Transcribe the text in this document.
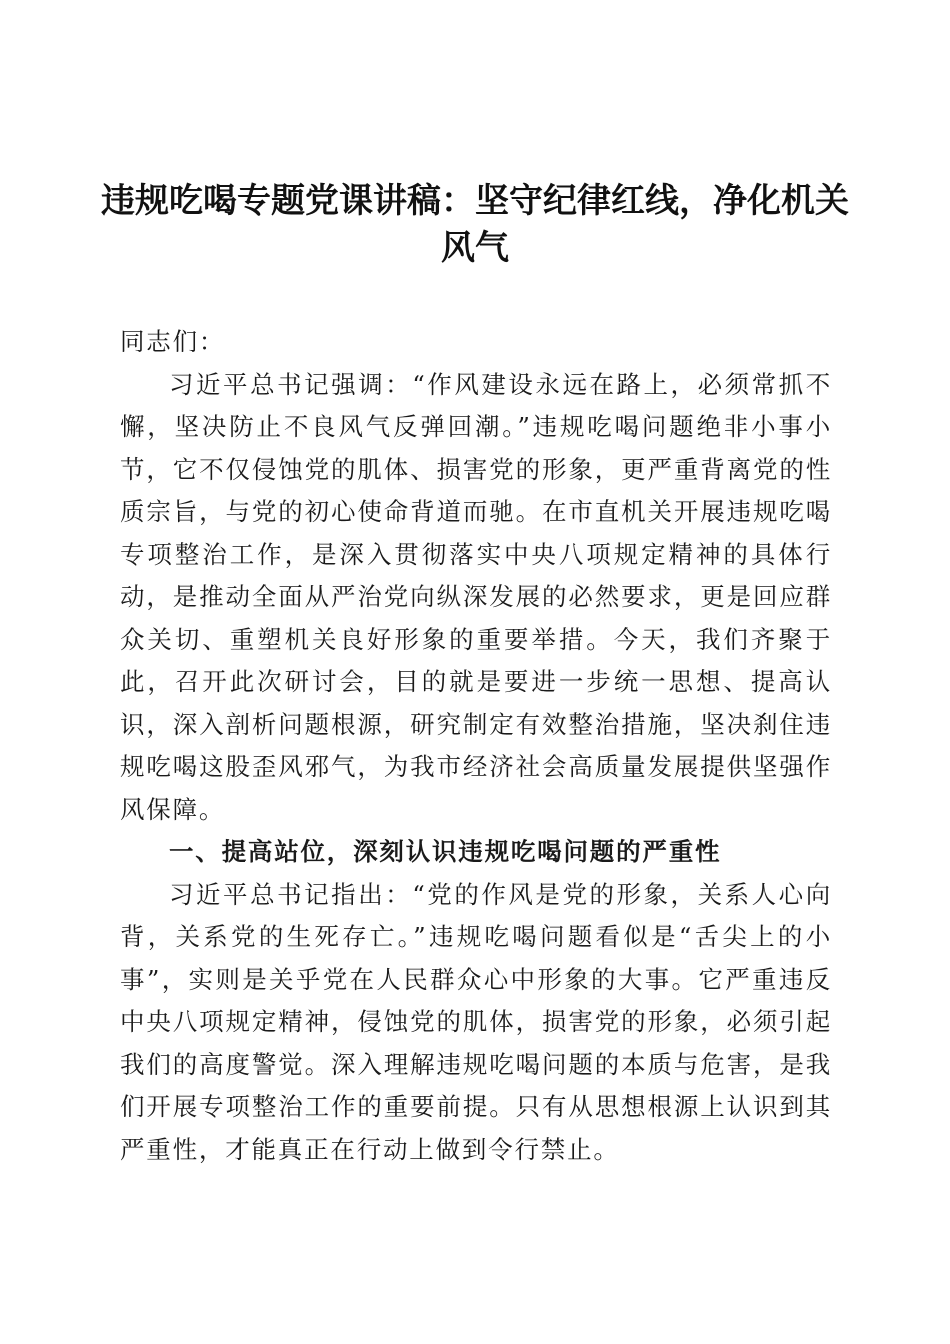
违规吃喝专题党课讲稿：坚守纪律红线，净化机关风气

同志们：

习近平总书记强调：“作风建设永远在路上，必须常抓不懈，坚决防止不良风气反弹回潮。”违规吃喝问题绝非小事小节，它不仅侵蚀党的肌体、损害党的形象，更严重背离党的性质宗旨，与党的初心使命背道而驰。在市直机关开展违规吃喝专项整治工作，是深入贯彻落实中央八项规定精神的具体行动，是推动全面从严治党向纵深发展的必然要求，更是回应群众关切、重塑机关良好形象的重要举措。今天，我们齐聚于此，召开此次研讨会，目的就是要进一步统一思想、提高认识，深入剖析问题根源，研究制定有效整治措施，坚决刹住违规吃喝这股歪风邪气，为我市经济社会高质量发展提供坚强作风保障。

一、提高站位，深刻认识违规吃喝问题的严重性

习近平总书记指出：“党的作风是党的形象，关系人心向背，关系党的生死存亡。”违规吃喝问题看似是“舌尖上的小事”，实则是关乎党在人民群众心中形象的大事。它严重违反中央八项规定精神，侵蚀党的肌体，损害党的形象，必须引起我们的高度警觉。深入理解违规吃喝问题的本质与危害，是我们开展专项整治工作的重要前提。只有从思想根源上认识到其严重性，才能真正在行动上做到令行禁止。
